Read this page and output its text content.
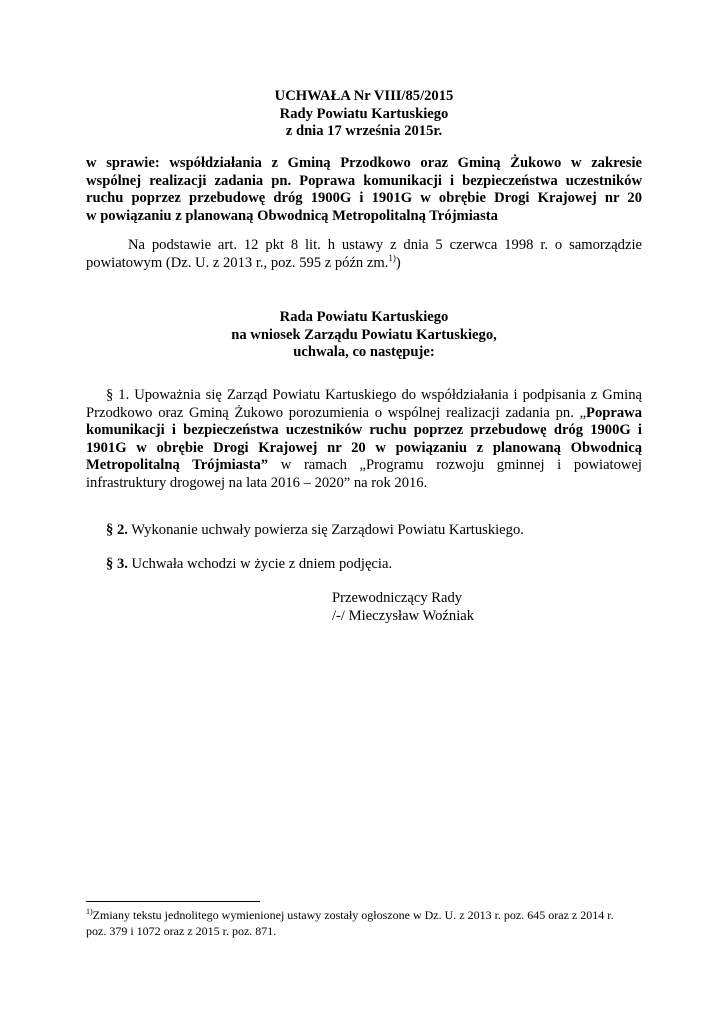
UCHWAŁA Nr VIII/85/2015
Rady Powiatu Kartuskiego
z dnia 17 września 2015r.
w sprawie: współdziałania z Gminą Przodkowo oraz Gminą Żukowo w zakresie
wspólnej realizacji zadania pn. Poprawa komunikacji i bezpieczeństwa uczestników
ruchu poprzez przebudowę dróg 1900G i 1901G w obrębie Drogi Krajowej nr 20
w powiązaniu z planowaną Obwodnicą Metropolitalną Trójmiasta
Na podstawie art. 12 pkt 8 lit. h ustawy z dnia 5 czerwca 1998 r. o samorządzie
powiatowym (Dz. U. z 2013 r., poz. 595 z późn zm.$^{1)}$)
Rada Powiatu Kartuskiego
na wniosek Zarządu Powiatu Kartuskiego,
uchwala, co następuje:
§ 1. Upoważnia się Zarząd Powiatu Kartuskiego do współdziałania i podpisania z Gminą
Przodkowo oraz Gminą Żukowo porozumienia o wspólnej realizacji zadania pn. „Poprawa
komunikacji i bezpieczeństwa uczestników ruchu poprzez przebudowę dróg 1900G i
1901G w obrębie Drogi Krajowej nr 20 w powiązaniu z planowaną Obwodnicą
Metropolitalną Trójmiasta” w ramach „Programu rozwoju gminnej i powiatowej
infrastruktury drogowej na lata 2016 – 2020” na rok 2016.
§ 2. Wykonanie uchwały powierza się Zarządowi Powiatu Kartuskiego.
§ 3. Uchwała wchodzi w życie z dniem podjęcia.
Przewodniczący Rady
/-/ Mieczysław Woźniak
$^{1)}$Zmiany tekstu jednolitego wymienionej ustawy zostały ogłoszone w Dz. U. z 2013 r. poz. 645 oraz z 2014 r.
poz. 379 i 1072 oraz z 2015 r. poz. 871.
